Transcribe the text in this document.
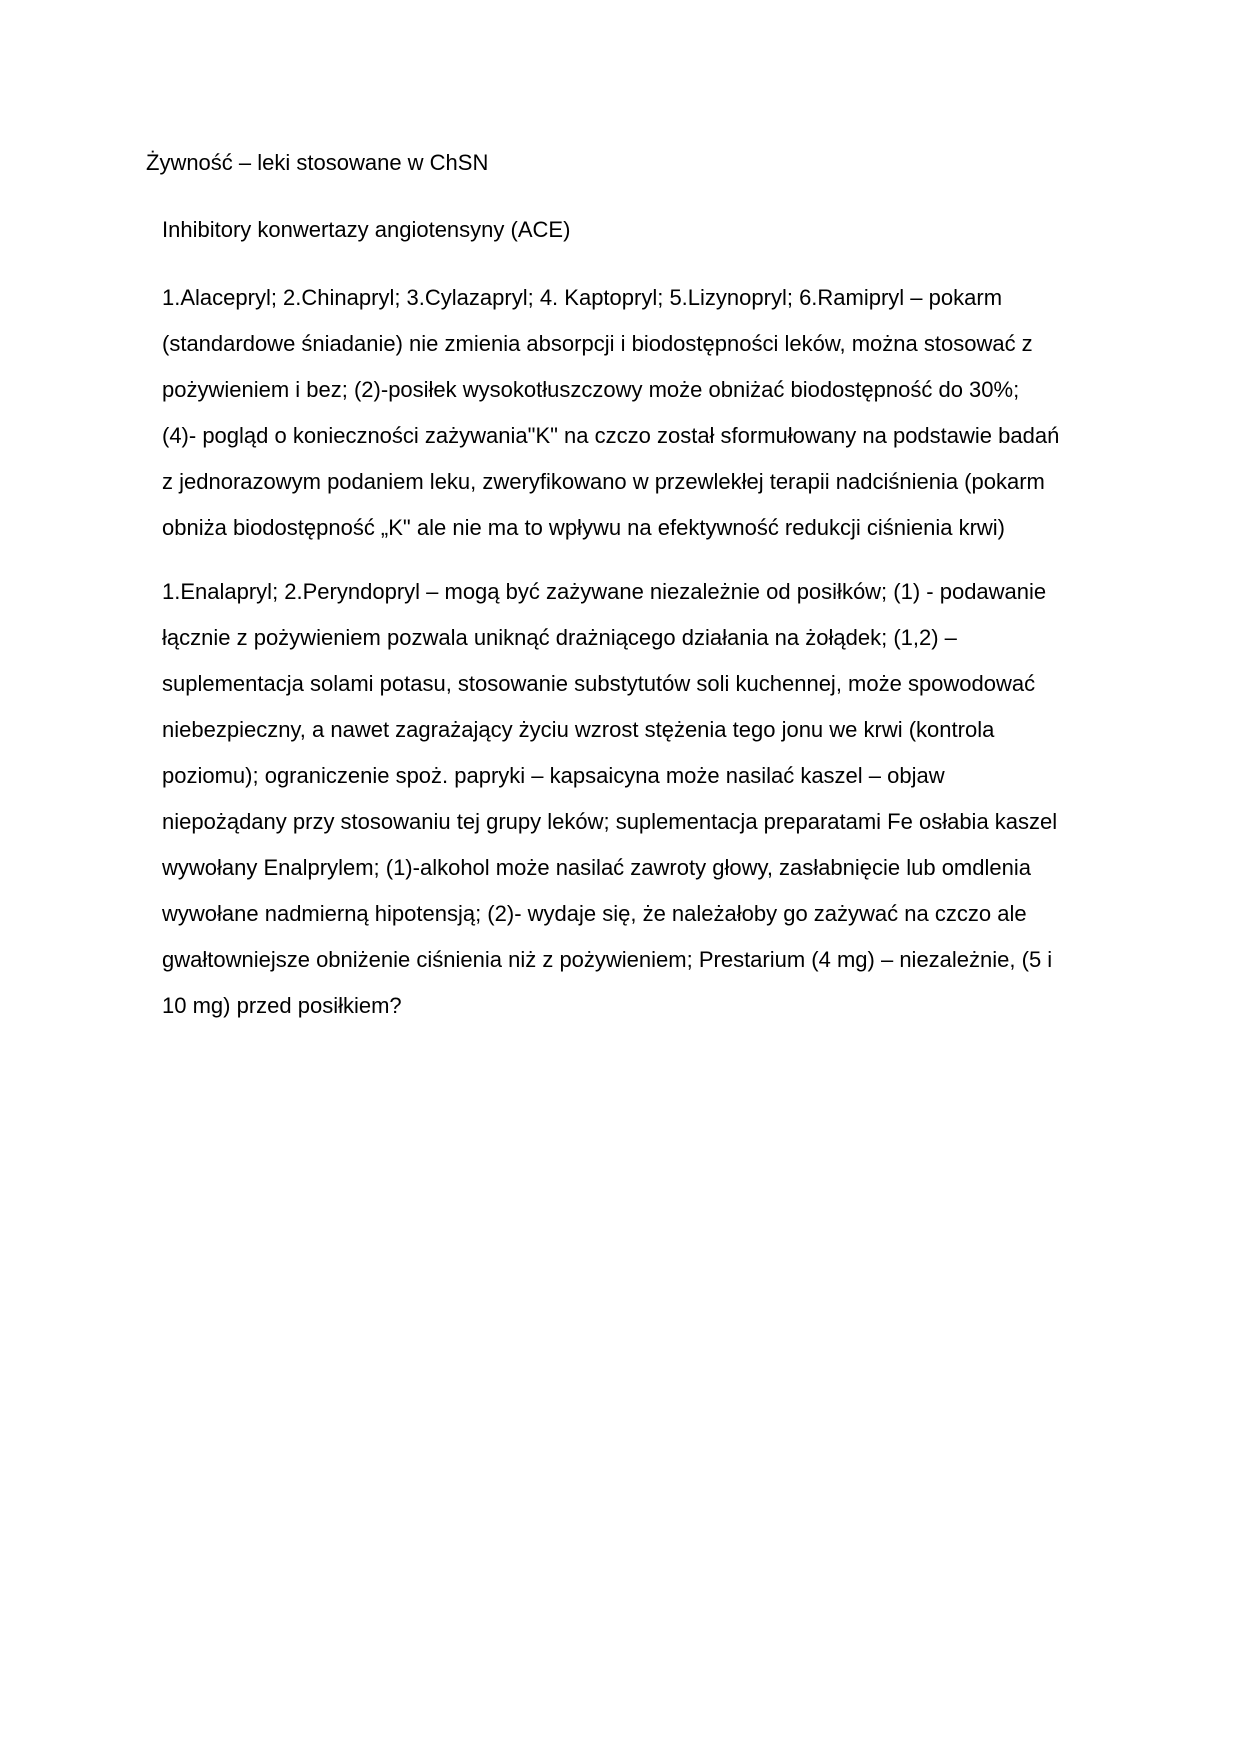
Żywność – leki stosowane w ChSN
Inhibitory konwertazy angiotensyny (ACE)
1.Alacepryl; 2.Chinapryl; 3.Cylazapryl; 4. Kaptopryl; 5.Lizynopryl; 6.Ramipryl – pokarm
(standardowe śniadanie) nie zmienia absorpcji i biodostępności leków, można stosować z
pożywieniem i bez; (2)-posiłek wysokotłuszczowy może obniżać biodostępność do 30%;
(4)- pogląd o konieczności zażywania"K" na czczo został sformułowany na podstawie badań
z jednorazowym podaniem leku, zweryfikowano w przewlekłej terapii nadciśnienia (pokarm
obniża biodostępność „K" ale nie ma to wpływu na efektywność redukcji ciśnienia krwi)
1.Enalapryl; 2.Peryndopryl – mogą być zażywane niezależnie od posiłków; (1) - podawanie
łącznie z pożywieniem pozwala uniknąć drażniącego działania na żołądek; (1,2) –
suplementacja solami potasu, stosowanie substytutów soli kuchennej, może spowodować
niebezpieczny, a nawet zagrażający życiu wzrost stężenia tego jonu we krwi (kontrola
poziomu); ograniczenie spoż. papryki – kapsaicyna może nasilać kaszel – objaw
niepożądany przy stosowaniu tej grupy leków; suplementacja preparatami Fe osłabia kaszel
wywołany Enalprylem; (1)-alkohol może nasilać zawroty głowy, zasłabnięcie lub omdlenia
wywołane nadmierną hipotensją; (2)- wydaje się, że należałoby go zażywać na czczo ale
gwałtowniejsze obniżenie ciśnienia niż z pożywieniem; Prestarium (4 mg) – niezależnie, (5 i
10 mg) przed posiłkiem?
